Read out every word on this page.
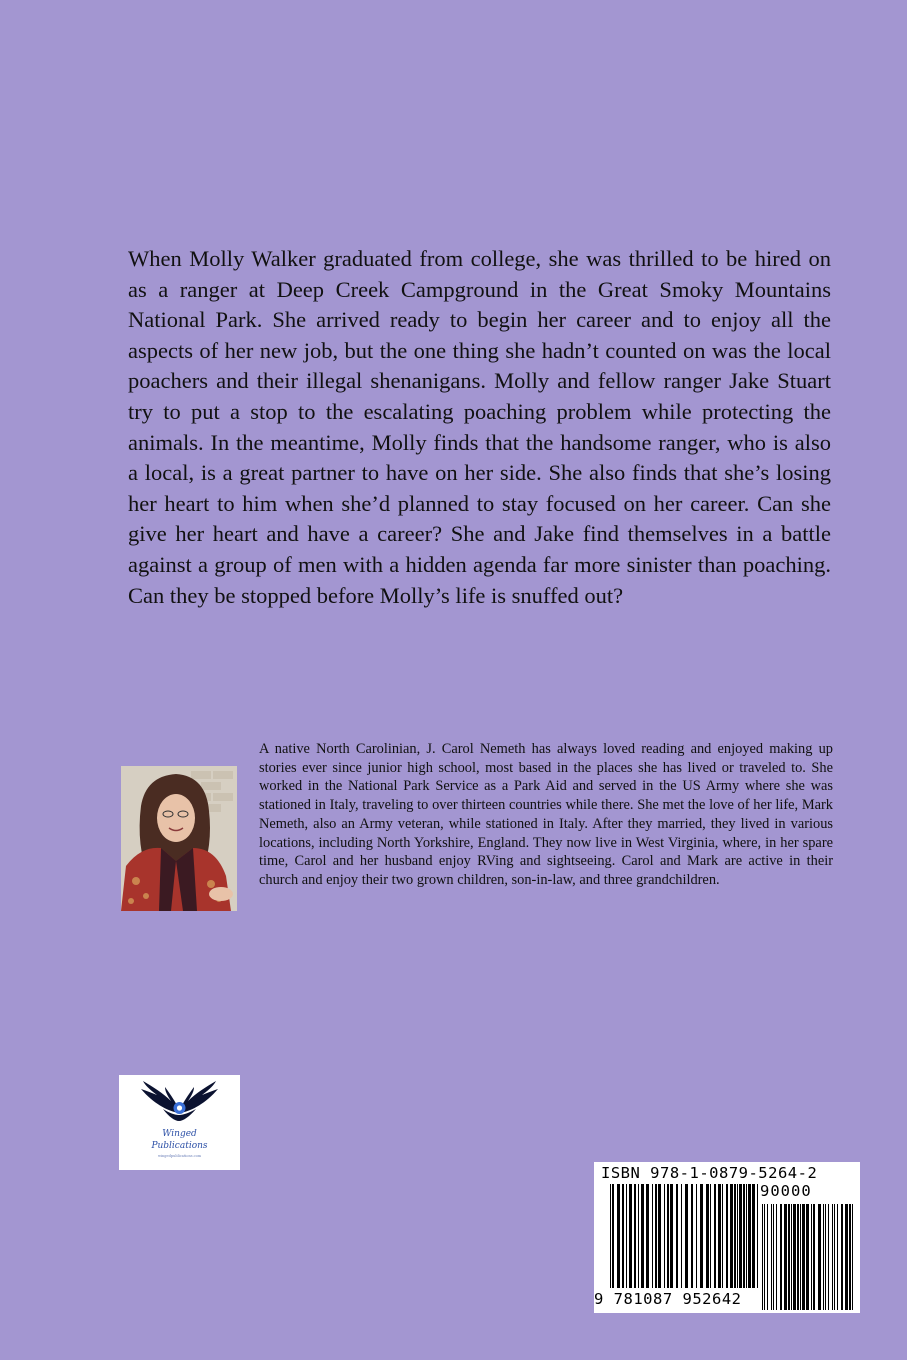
When Molly Walker graduated from college, she was thrilled to be hired on as a ranger at Deep Creek Campground in the Great Smoky Mountains National Park. She arrived ready to begin her career and to enjoy all the aspects of her new job, but the one thing she hadn’t counted on was the local poachers and their illegal shenanigans. Molly and fellow ranger Jake Stuart try to put a stop to the escalating poaching problem while protecting the animals. In the meantime, Molly finds that the handsome ranger, who is also a local, is a great partner to have on her side. She also finds that she’s losing her heart to him when she’d planned to stay focused on her career. Can she give her heart and have a career? She and Jake find themselves in a battle against a group of men with a hidden agenda far more sinister than poaching. Can they be stopped before Molly’s life is snuffed out?

A native North Carolinian, J. Carol Nemeth has always loved reading and enjoyed making up stories ever since junior high school, most based in the places she has lived or traveled to. She worked in the National Park Service as a Park Aid and served in the US Army where she was stationed in Italy, traveling to over thirteen countries while there. She met the love of her life, Mark Nemeth, also an Army veteran, while stationed in Italy. After they married, they lived in various locations, including North Yorkshire, England. They now live in West Virginia, where, in her spare time, Carol and her husband enjoy RVing and sightseeing. Carol and Mark are active in their church and enjoy their two grown children, son-in-law, and three grandchildren.

Winged
Publications
wingedpublications.com
ISBN 978-1-0879-5264-2
90000
9 781087 952642
